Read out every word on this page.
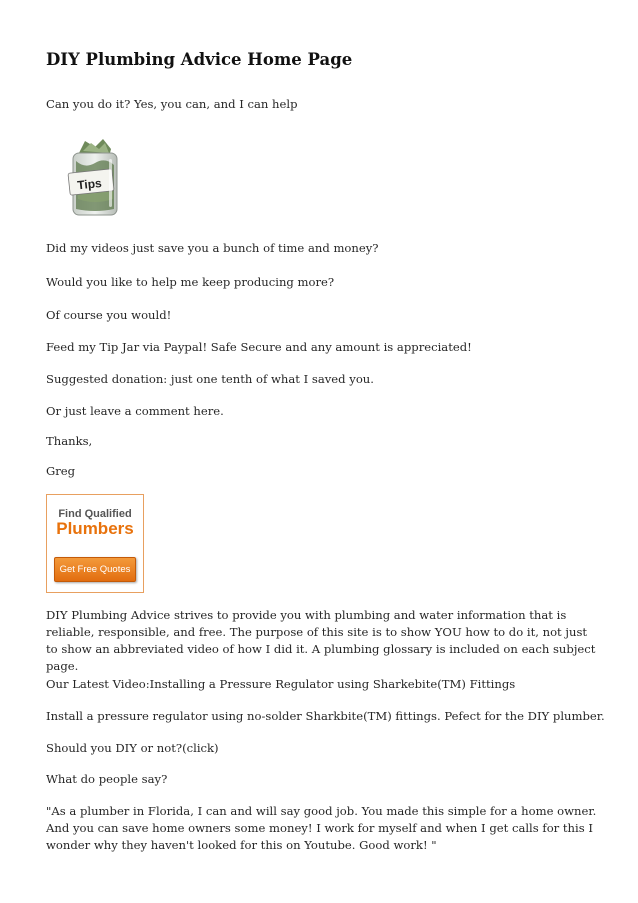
DIY Plumbing Advice Home Page

Can you do it? Yes, you can, and I can help

Tips

Did my videos just save you a bunch of time and money?

Would you like to help me keep producing more?

Of course you would!

Feed my Tip Jar via Paypal! Safe Secure and any amount is appreciated!

Suggested donation: just one tenth of what I saved you.

Or just leave a comment here.

Thanks,

Greg

Find Qualified
Plumbers
Get Free Quotes

DIY Plumbing Advice strives to provide you with plumbing and water information that is reliable, responsible, and free. The purpose of this site is to show YOU how to do it, not just to show an abbreviated video of how I did it. A plumbing glossary is included on each subject page.

Our Latest Video:Installing a Pressure Regulator using Sharkebite(TM) Fittings

Install a pressure regulator using no-solder Sharkbite(TM) fittings. Pefect for the DIY plumber.

Should you DIY or not?(click)

What do people say?

"As a plumber in Florida, I can and will say good job. You made this simple for a home owner. And you can save home owners some money! I work for myself and when I get calls for this I wonder why they haven't looked for this on Youtube. Good work! "
